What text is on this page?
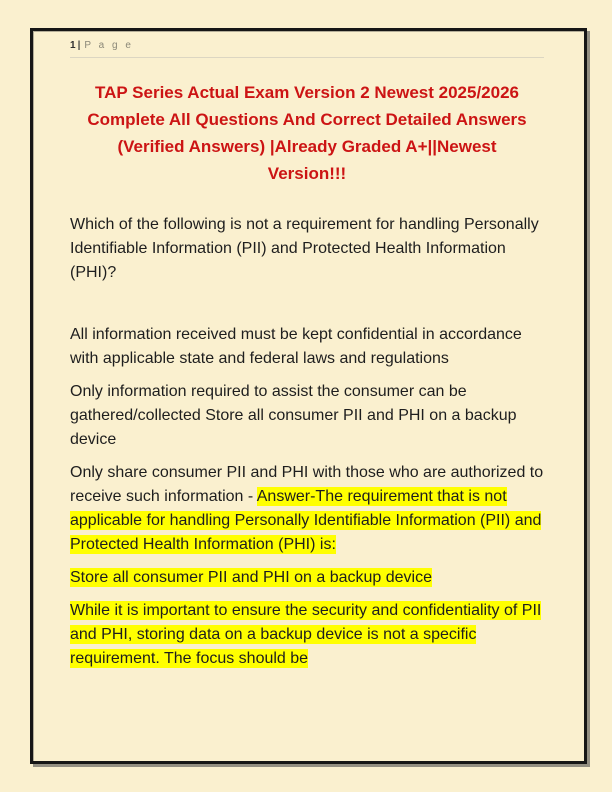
1 | P a g e
TAP Series Actual Exam Version 2 Newest 2025/2026 Complete All Questions And Correct Detailed Answers (Verified Answers) |Already Graded A+||Newest Version!!!

Which of the following is not a requirement for handling Personally Identifiable Information (PII) and Protected Health Information (PHI)?

All information received must be kept confidential in accordance with applicable state and federal laws and regulations

Only information required to assist the consumer can be gathered/collected Store all consumer PII and PHI on a backup device

Only share consumer PII and PHI with those who are authorized to receive such information - Answer-The requirement that is not applicable for handling Personally Identifiable Information (PII) and Protected Health Information (PHI) is:

Store all consumer PII and PHI on a backup device

While it is important to ensure the security and confidentiality of PII and PHI, storing data on a backup device is not a specific requirement. The focus should be
